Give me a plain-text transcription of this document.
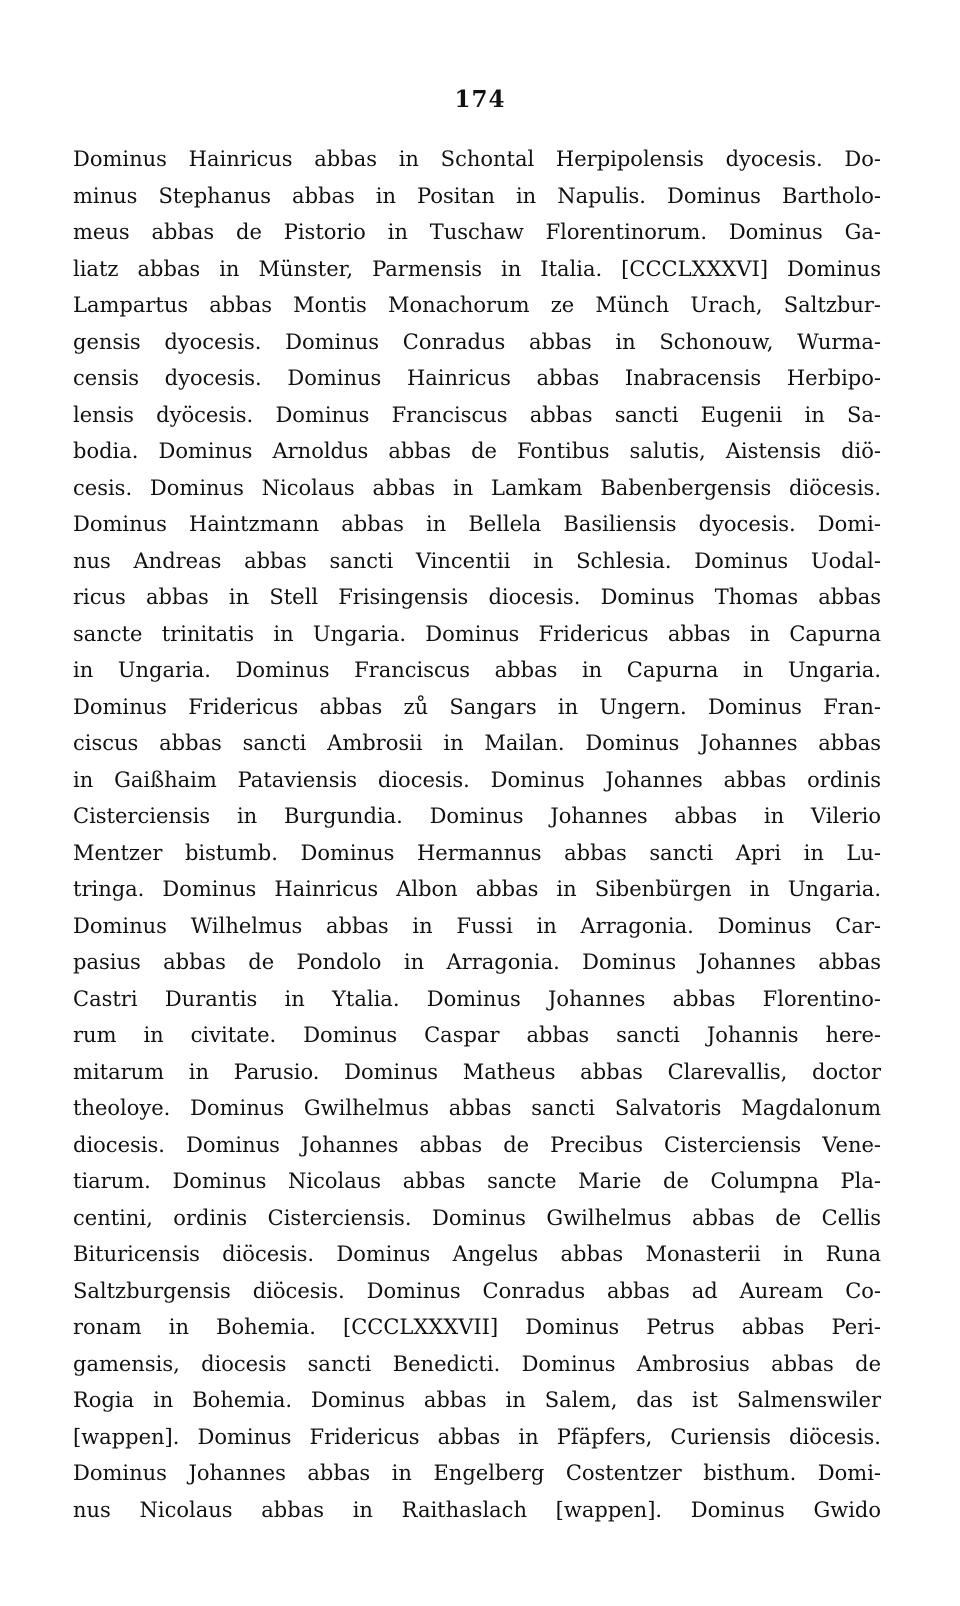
174
Dominus Hainricus abbas in Schontal Herpipolensis dyocesis. Do-
minus Stephanus abbas in Positan in Napulis. Dominus Bartholo-
meus abbas de Pistorio in Tuschaw Florentinorum. Dominus Ga-
liatz abbas in Münster, Parmensis in Italia. [CCCLXXXVI] Dominus
Lampartus abbas Montis Monachorum ze Münch Urach, Saltzbur-
gensis dyocesis. Dominus Conradus abbas in Schonouw, Wurma-
censis dyocesis. Dominus Hainricus abbas Inabracensis Herbipo-
lensis dyöcesis. Dominus Franciscus abbas sancti Eugenii in Sa-
bodia. Dominus Arnoldus abbas de Fontibus salutis, Aistensis diö-
cesis. Dominus Nicolaus abbas in Lamkam Babenbergensis diöcesis.
Dominus Haintzmann abbas in Bellela Basiliensis dyocesis. Domi-
nus Andreas abbas sancti Vincentii in Schlesia. Dominus Uodal-
ricus abbas in Stell Frisingensis diocesis. Dominus Thomas abbas
sancte trinitatis in Ungaria. Dominus Fridericus abbas in Capurna
in Ungaria. Dominus Franciscus abbas in Capurna in Ungaria.
Dominus Fridericus abbas zů Sangars in Ungern. Dominus Fran-
ciscus abbas sancti Ambrosii in Mailan. Dominus Johannes abbas
in Gaißhaim Pataviensis diocesis. Dominus Johannes abbas ordinis
Cisterciensis in Burgundia. Dominus Johannes abbas in Vilerio
Mentzer bistumb. Dominus Hermannus abbas sancti Apri in Lu-
tringa. Dominus Hainricus Albon abbas in Sibenbürgen in Ungaria.
Dominus Wilhelmus abbas in Fussi in Arragonia. Dominus Car-
pasius abbas de Pondolo in Arragonia. Dominus Johannes abbas
Castri Durantis in Ytalia. Dominus Johannes abbas Florentino-
rum in civitate. Dominus Caspar abbas sancti Johannis here-
mitarum in Parusio. Dominus Matheus abbas Clarevallis, doctor
theoloye. Dominus Gwilhelmus abbas sancti Salvatoris Magdalonum
diocesis. Dominus Johannes abbas de Precibus Cisterciensis Vene-
tiarum. Dominus Nicolaus abbas sancte Marie de Columpna Pla-
centini, ordinis Cisterciensis. Dominus Gwilhelmus abbas de Cellis
Bituricensis diöcesis. Dominus Angelus abbas Monasterii in Runa
Saltzburgensis diöcesis. Dominus Conradus abbas ad Auream Co-
ronam in Bohemia. [CCCLXXXVII] Dominus Petrus abbas Peri-
gamensis, diocesis sancti Benedicti. Dominus Ambrosius abbas de
Rogia in Bohemia. Dominus abbas in Salem, das ist Salmenswiler
[wappen]. Dominus Fridericus abbas in Pfäpfers, Curiensis diöcesis.
Dominus Johannes abbas in Engelberg Costentzer bisthum. Domi-
nus Nicolaus abbas in Raithaslach [wappen]. Dominus Gwido
